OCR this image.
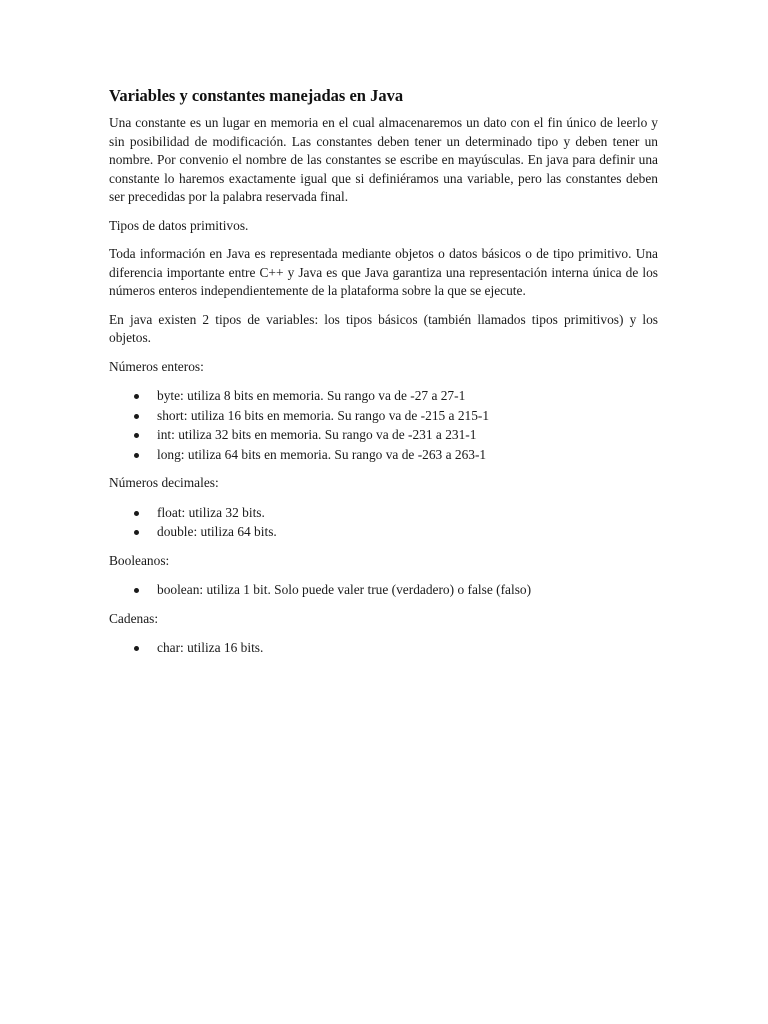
Variables y constantes manejadas en Java

Una constante es un lugar en memoria en el cual almacenaremos un dato con el fin único de leerlo y sin posibilidad de modificación. Las constantes deben tener un determinado tipo y deben tener un nombre. Por convenio el nombre de las constantes se escribe en mayúsculas. En java para definir una constante lo haremos exactamente igual que si definiéramos una variable, pero las constantes deben ser precedidas por la palabra reservada final.

Tipos de datos primitivos.

Toda información en Java es representada mediante objetos o datos básicos o de tipo primitivo. Una diferencia importante entre C++ y Java es que Java garantiza una representación interna única de los números enteros independientemente de la plataforma sobre la que se ejecute.

En java existen 2 tipos de variables: los tipos básicos (también llamados tipos primitivos) y los objetos.

Números enteros:

byte: utiliza 8 bits en memoria. Su rango va de -27 a 27-1
short: utiliza 16 bits en memoria. Su rango va de -215 a 215-1
int: utiliza 32 bits en memoria. Su rango va de -231 a 231-1
long: utiliza 64 bits en memoria. Su rango va de -263 a 263-1

Números decimales:

float: utiliza 32 bits.
double: utiliza 64 bits.

Booleanos:

boolean: utiliza 1 bit. Solo puede valer true (verdadero) o false (falso)

Cadenas:

char: utiliza 16 bits.
